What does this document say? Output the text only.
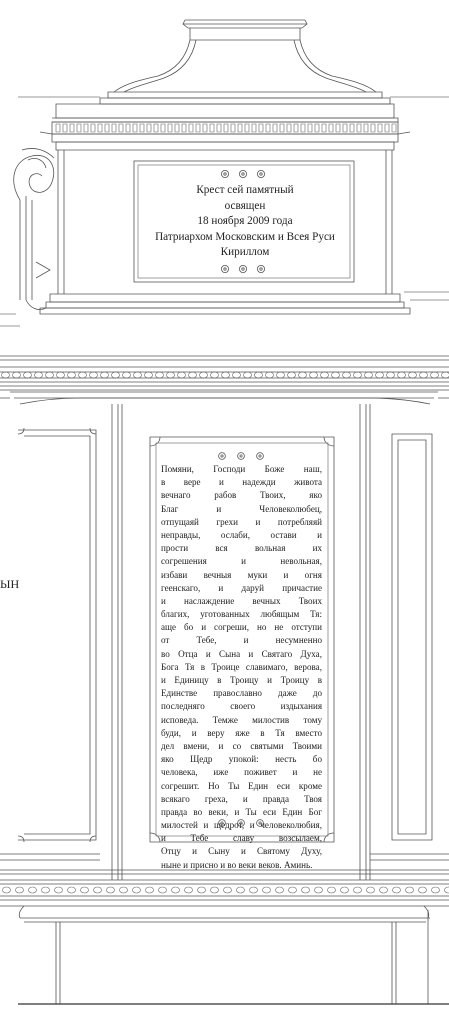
Крест сей памятный
освящен
18 ноября 2009 года
Патриархом Московским и Всея Руси
Кириллом
Помяни, Господи Боже наш,
в вере и надежди живота
вечнаго рабов Твоих, яко
Благ и Человеколюбец,
отпущаяй грехи и потребляяй
неправды, ослаби, остави и
прости вся вольная их
согрешения и невольная,
избави вечныя муки и огня
геенскаго, и даруй причастие
и наслаждение вечных Твоих
благих, уготованных любящым Тя:
аще бо и согреши, но не отступи
от Тебе, и несумненно
во Отца и Сына и Святаго Духа,
Бога Тя в Троице славимаго, верова,
и Единицу в Троицу и Троицу в
Единстве православно даже до
последняго своего издыхания
исповеда. Темже милостив тому
буди, и веру яже в Тя вместо
дел вмени, и со святыми Твоими
яко Щедр упокой: несть бо
человека, иже поживет и не
согрешит. Но Ты Един еси кроме
всякаго греха, и правда Твоя
правда во веки, и Ты еси Един Бог
милостей и щедрот, и человеколюбия,
и Тебе славу возсылаем,
Отцу и Сыну и Святому Духу,
ныне и присно и во веки веков. Аминь.
ЫН
